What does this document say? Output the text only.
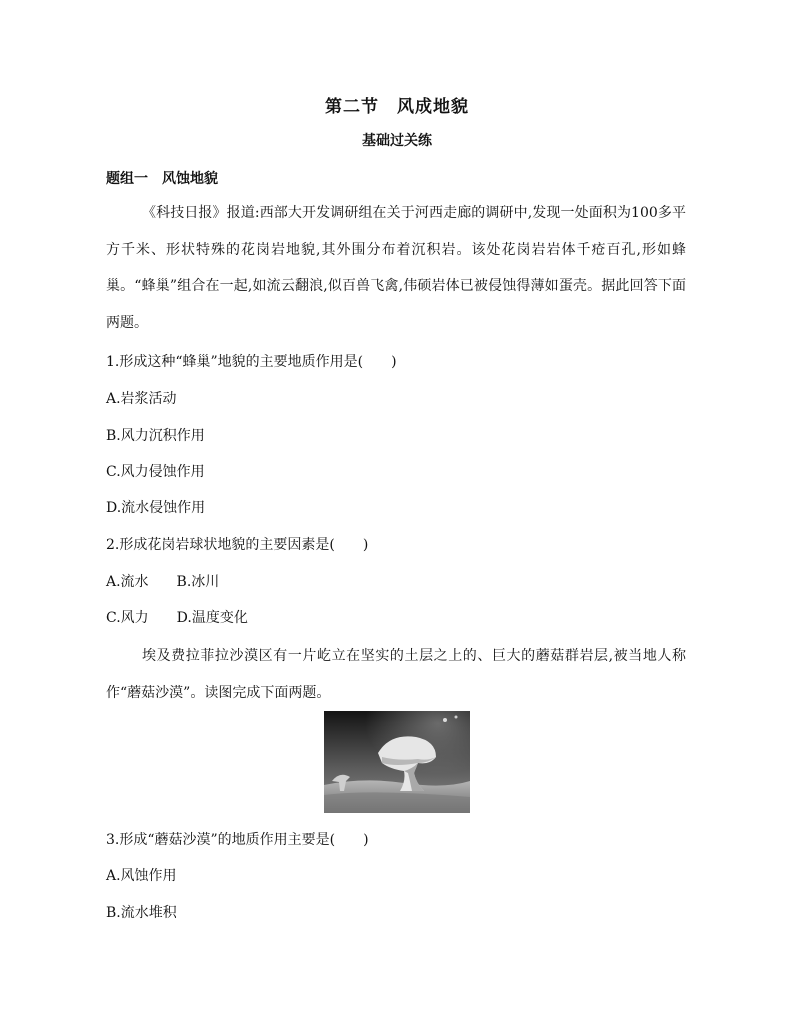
第二节　风成地貌
基础过关练
题组一　风蚀地貌
《科技日报》报道:西部大开发调研组在关于河西走廊的调研中,发现一处面积为100多平方千米、形状特殊的花岗岩地貌,其外围分布着沉积岩。该处花岗岩岩体千疮百孔,形如蜂巢。“蜂巢”组合在一起,如流云翻浪,似百兽飞禽,伟硕岩体已被侵蚀得薄如蛋壳。据此回答下面两题。
1.形成这种“蜂巢”地貌的主要地质作用是(　　)
A.岩浆活动
B.风力沉积作用
C.风力侵蚀作用
D.流水侵蚀作用
2.形成花岗岩球状地貌的主要因素是(　　)
A.流水　　B.冰川
C.风力　　D.温度变化
埃及费拉菲拉沙漠区有一片屹立在坚实的土层之上的、巨大的蘑菇群岩层,被当地人称作“蘑菇沙漠”。读图完成下面两题。
3.形成“蘑菇沙漠”的地质作用主要是(　　)
A.风蚀作用
B.流水堆积
